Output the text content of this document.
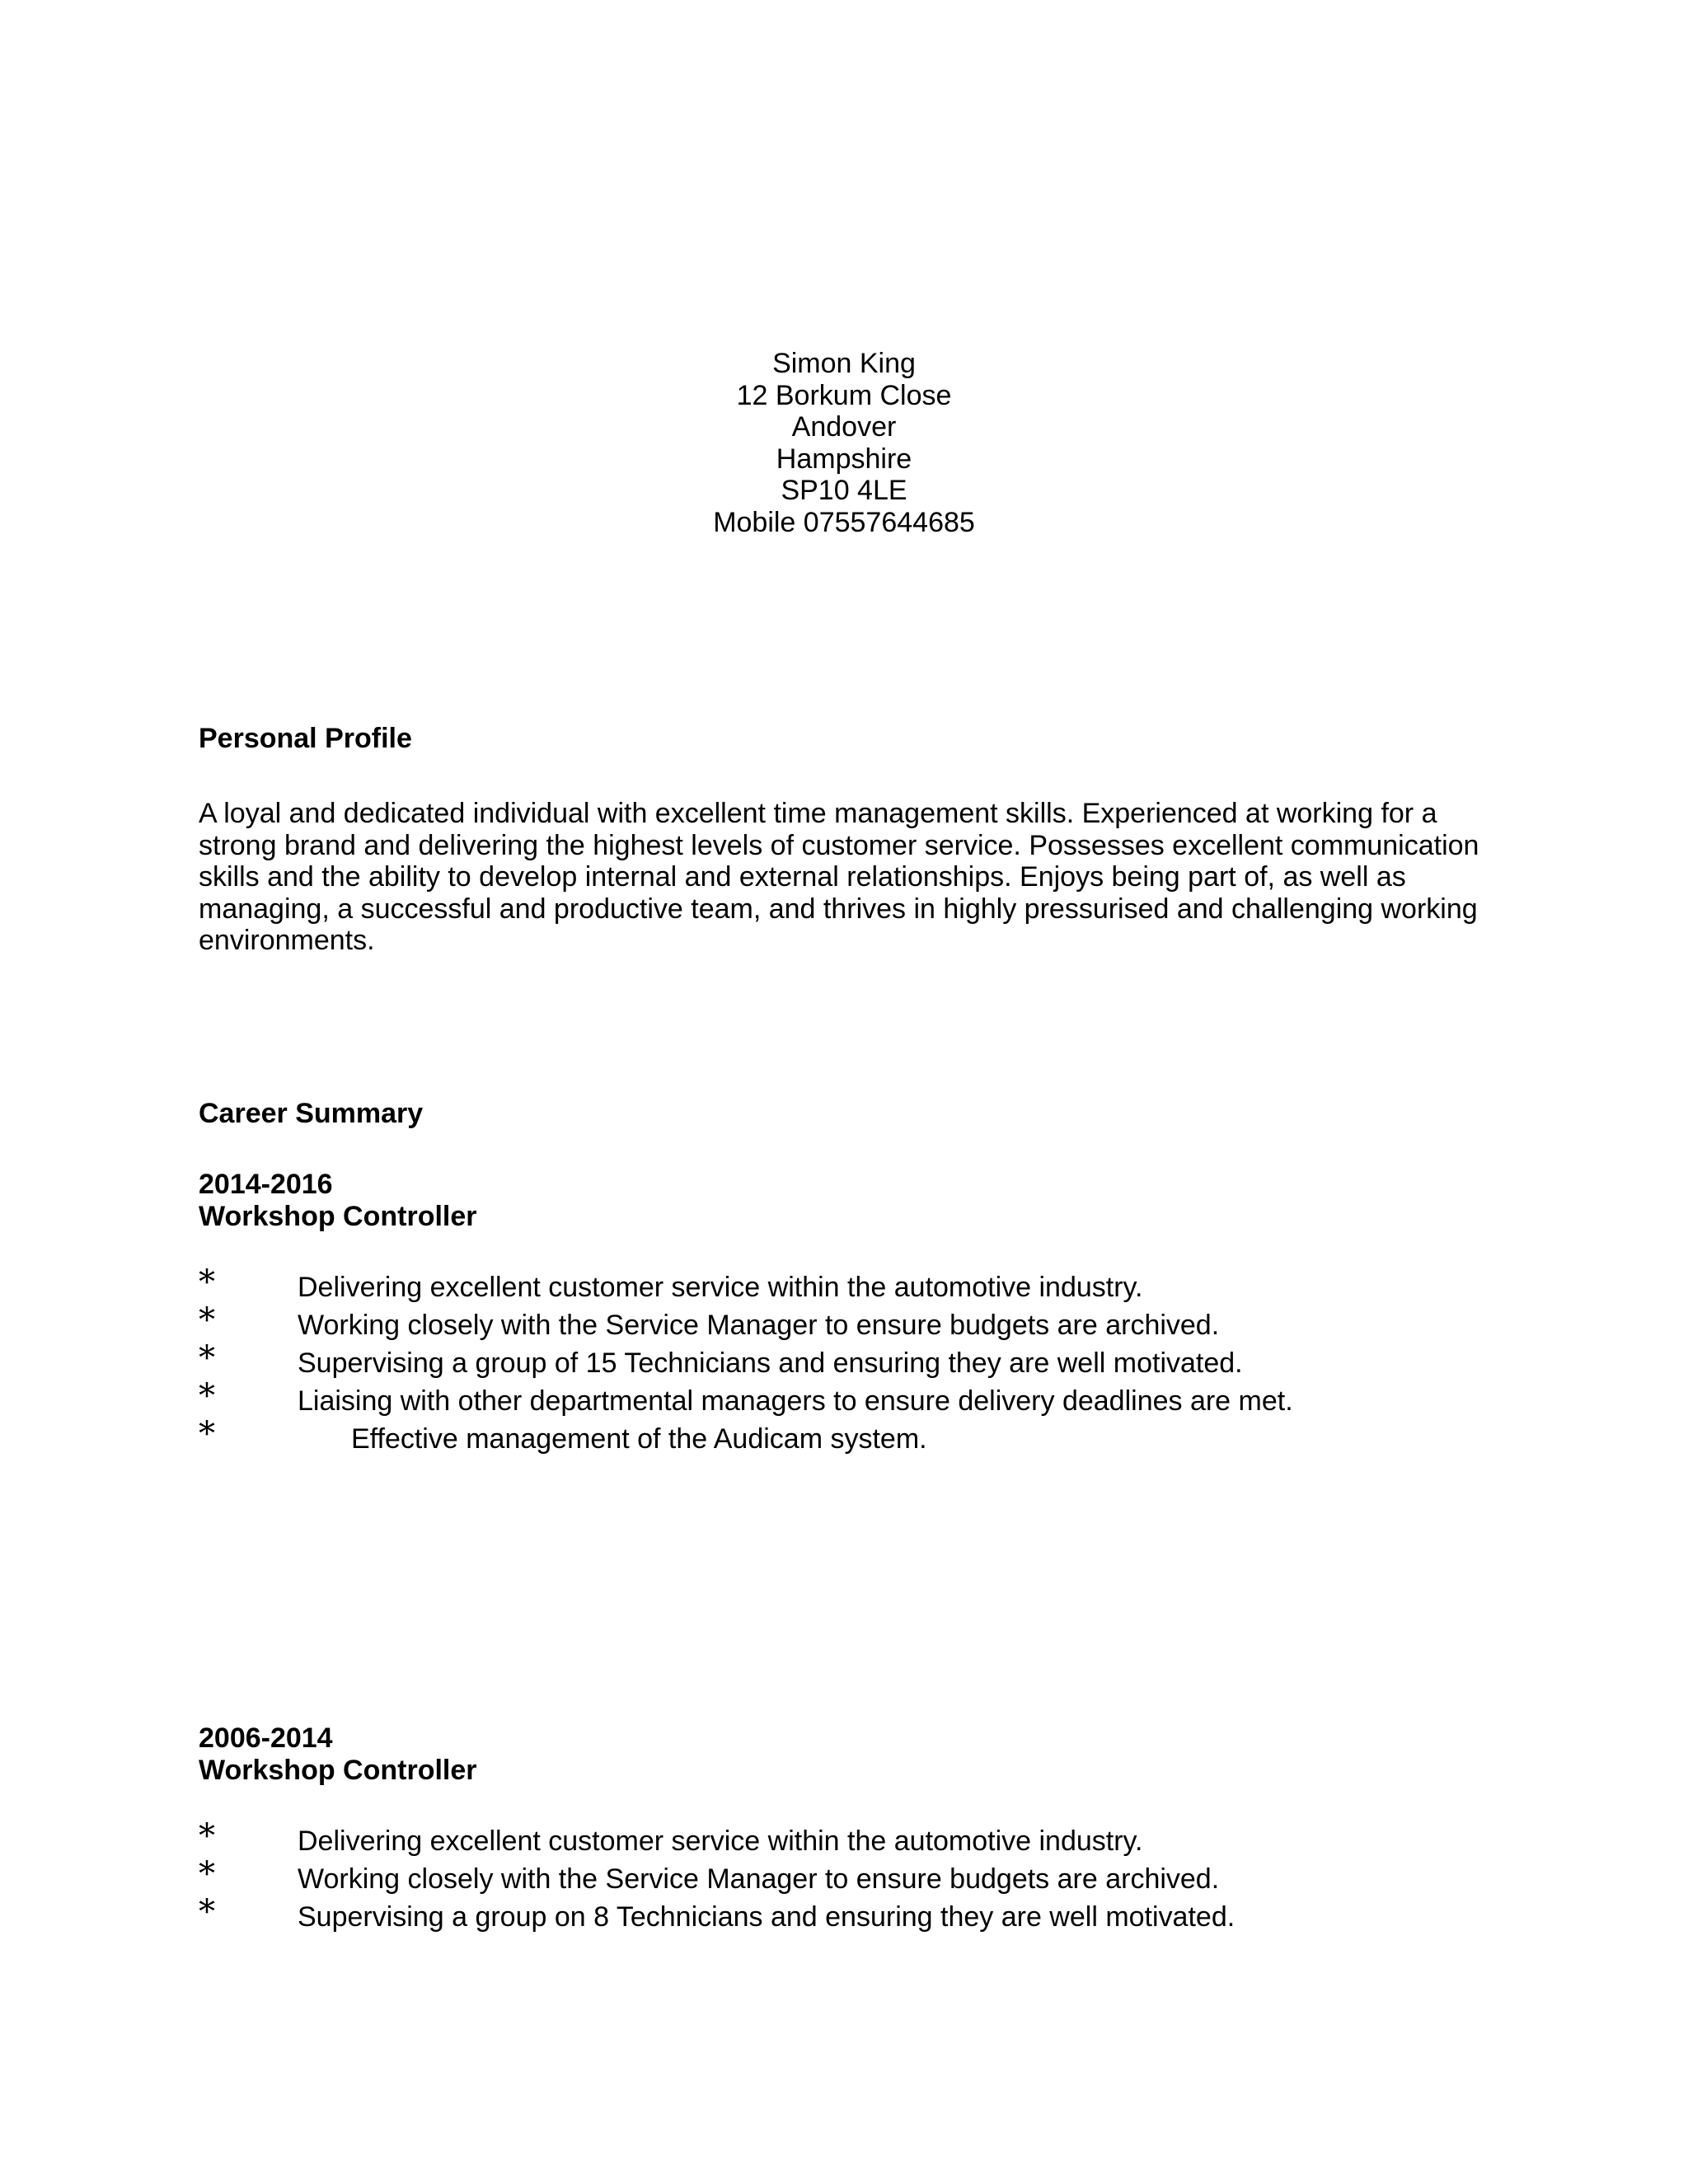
Simon King
12 Borkum Close
Andover
Hampshire
SP10 4LE
Mobile 07557644685
Personal Profile

A loyal and dedicated individual with excellent time management skills. Experienced at working for a strong brand and delivering the highest levels of customer service. Possesses excellent communication skills and the ability to develop internal and external relationships. Enjoys being part of, as well as managing, a successful and productive team, and thrives in highly pressurised and challenging working environments.

Career Summary
2014-2016
Workshop Controller
*	Delivering excellent customer service within the automotive industry.
*	Working closely with the Service Manager to ensure budgets are archived.
*	Supervising a group of 15 Technicians and ensuring they are well motivated.
*	Liaising with other departmental managers to ensure delivery deadlines are met.
*	Effective management of the Audicam system.
2006-2014
Workshop Controller
*	Delivering excellent customer service within the automotive industry.
*	Working closely with the Service Manager to ensure budgets are archived.
*	Supervising a group on 8 Technicians and ensuring they are well motivated.
